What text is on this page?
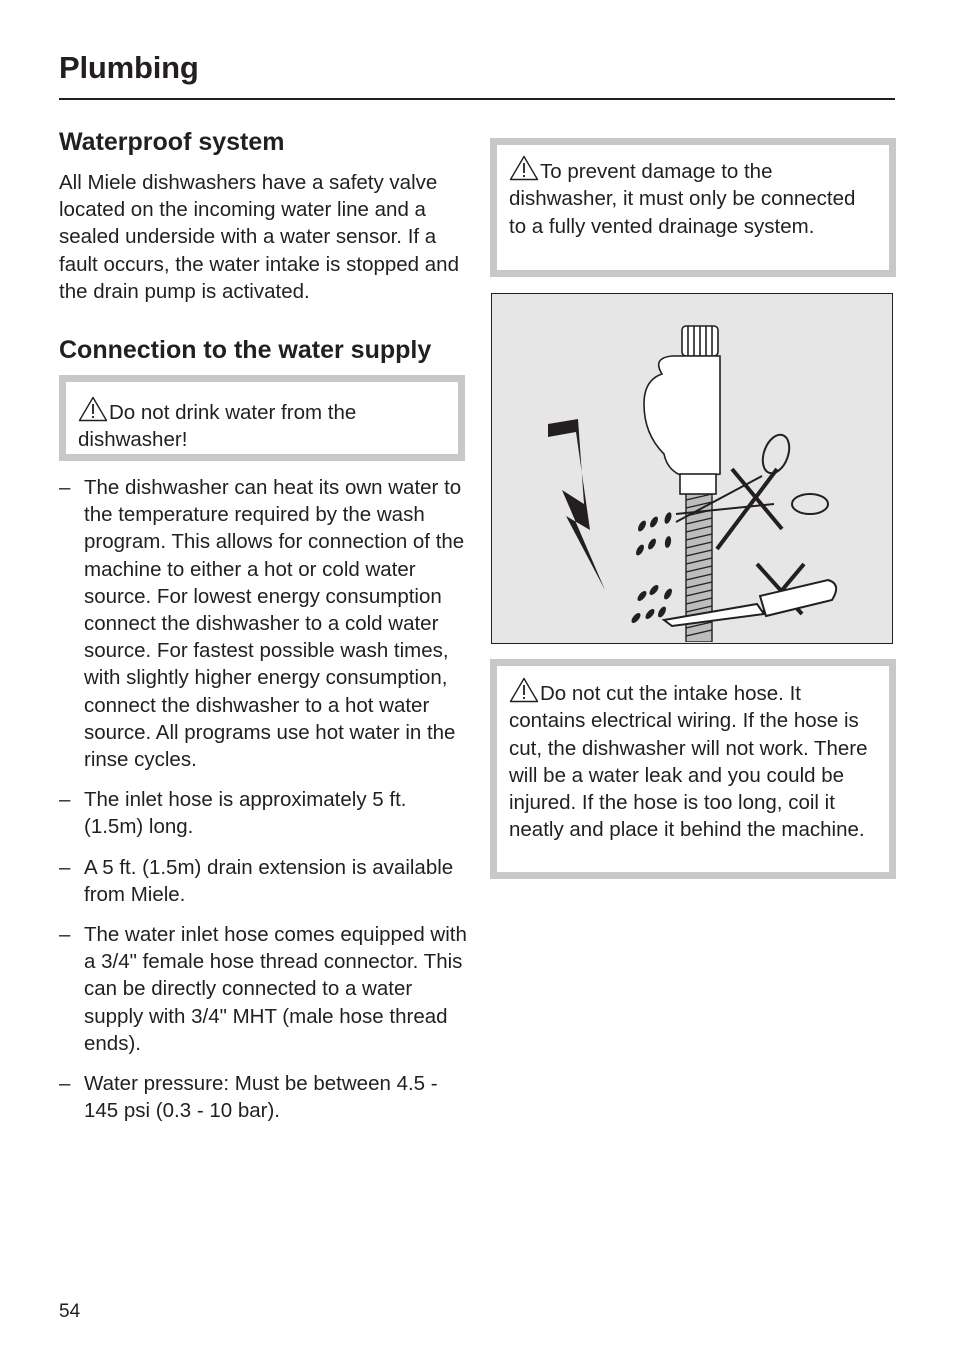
Plumbing
Waterproof system

All Miele dishwashers have a safety valve located on the incoming water line and a sealed underside with a water sensor. If a fault occurs, the water intake is stopped and the drain pump is activated.

Connection to the water supply

Do not drink water from the dishwasher!

– The dishwasher can heat its own water to the temperature required by the wash program. This allows for connection of the machine to either a hot or cold water source. For lowest energy consumption connect the dishwasher to a cold water source. For fastest possible wash times, with slightly higher energy consumption, connect the dishwasher to a hot water source. All programs use hot water in the rinse cycles.
– The inlet hose is approximately 5 ft. (1.5m) long.
– A 5 ft. (1.5m) drain extension is available from Miele.
– The water inlet hose comes equipped with a 3/4" female hose thread connector. This can be directly connected to a water supply with 3/4" MHT (male hose thread ends).
– Water pressure: Must be between 4.5 - 145 psi (0.3 - 10 bar).

To prevent damage to the dishwasher, it must only be connected to a fully vented drainage system.

Do not cut the intake hose. It contains electrical wiring. If the hose is cut, the dishwasher will not work. There will be a water leak and you could be injured. If the hose is too long, coil it neatly and place it behind the machine.

54
